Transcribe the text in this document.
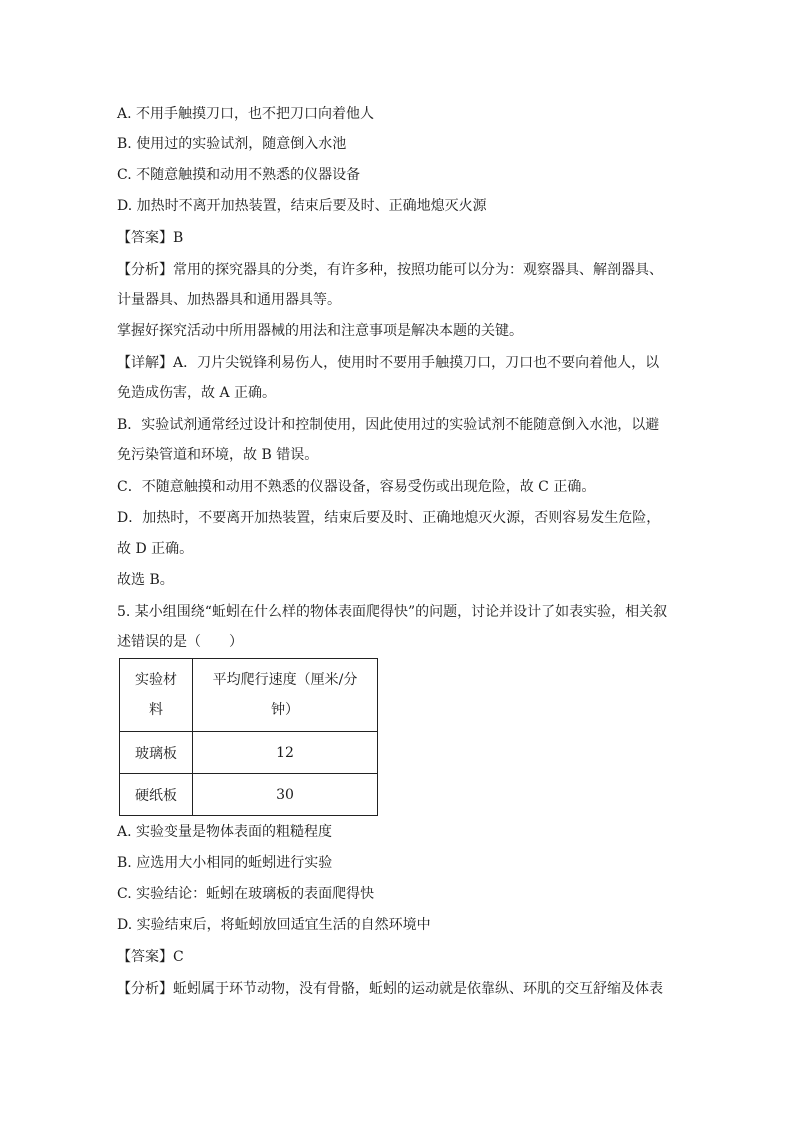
A. 不用手触摸刀口，也不把刀口向着他人
B. 使用过的实验试剂，随意倒入水池
C. 不随意触摸和动用不熟悉的仪器设备
D. 加热时不离开加热装置，结束后要及时、正确地熄灭火源
【答案】B
【分析】常用的探究器具的分类，有许多种，按照功能可以分为：观察器具、解剖器具、
计量器具、加热器具和通用器具等。
掌握好探究活动中所用器械的用法和注意事项是解决本题的关键。
【详解】A．刀片尖锐锋利易伤人，使用时不要用手触摸刀口，刀口也不要向着他人，以
免造成伤害，故 A 正确。
B．实验试剂通常经过设计和控制使用，因此使用过的实验试剂不能随意倒入水池，以避
免污染管道和环境，故 B 错误。
C．不随意触摸和动用不熟悉的仪器设备，容易受伤或出现危险，故 C 正确。
D．加热时，不要离开加热装置，结束后要及时、正确地熄灭火源，否则容易发生危险，
故 D 正确。
故选 B。
5. 某小组围绕“蚯蚓在什么样的物体表面爬得快”的问题，讨论并设计了如表实验，相关叙
述错误的是（　　）
实验材料	平均爬行速度（厘米/分钟）

玻璃板	12
硬纸板	30
A. 实验变量是物体表面的粗糙程度
B. 应选用大小相同的蚯蚓进行实验
C. 实验结论：蚯蚓在玻璃板的表面爬得快
D. 实验结束后，将蚯蚓放回适宜生活的自然环境中
【答案】C
【分析】蚯蚓属于环节动物，没有骨骼，蚯蚓的运动就是依靠纵、环肌的交互舒缩及体表
